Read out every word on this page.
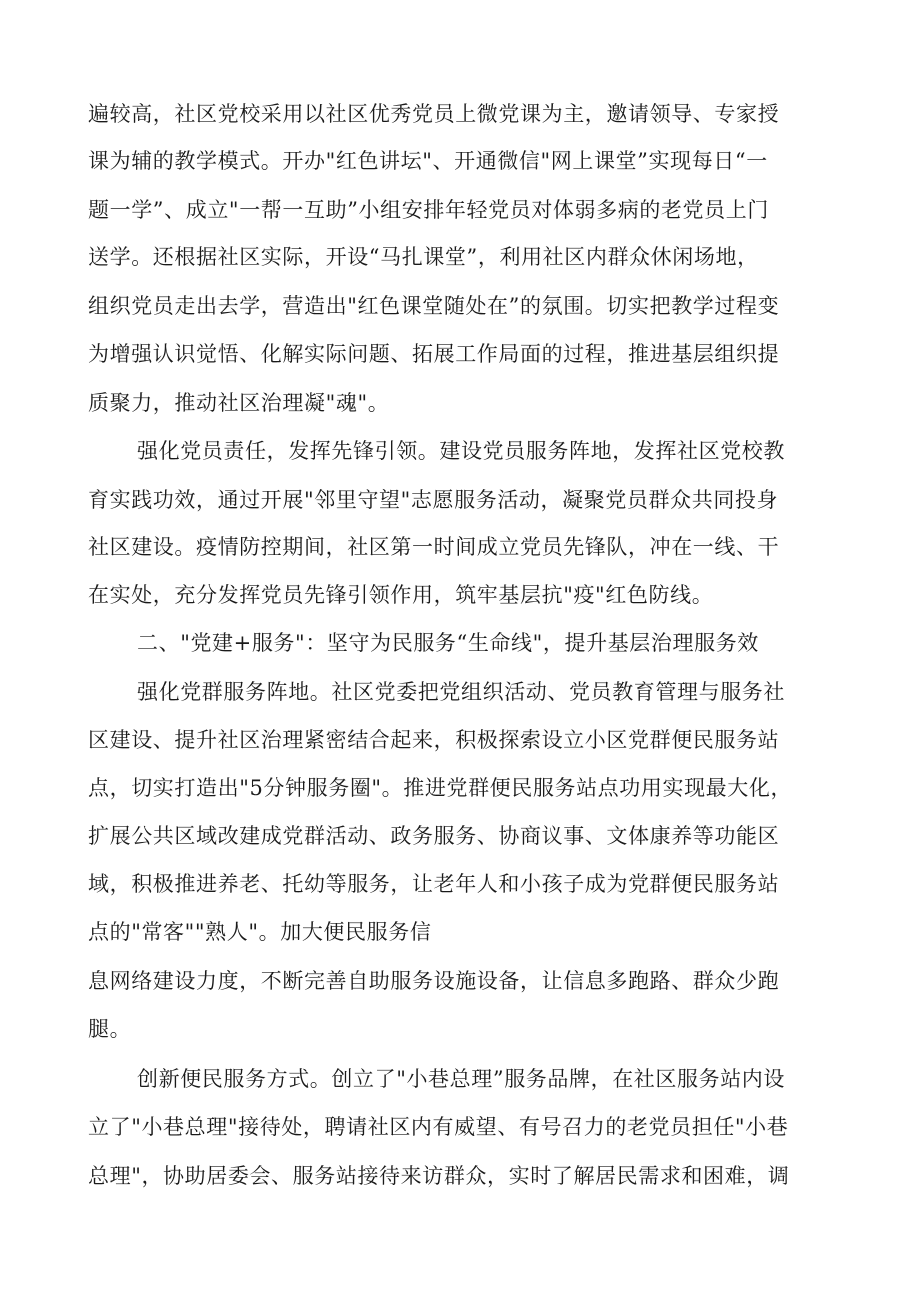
遍较高，社区党校采用以社区优秀党员上微党课为主，邀请领导、专家授
课为辅的教学模式。开办"红色讲坛"、开通微信"网上课堂”实现每日“一
题一学”、成立"一帮一互助”小组安排年轻党员对体弱多病的老党员上门
送学。还根据社区实际，开设“马扎课堂”，利用社区内群众休闲场地，
组织党员走出去学，营造出"红色课堂随处在”的氛围。切实把教学过程变
为增强认识觉悟、化解实际问题、拓展工作局面的过程，推进基层组织提
质聚力，推动社区治理凝"魂"。
强化党员责任，发挥先锋引领。建设党员服务阵地，发挥社区党校教
育实践功效，通过开展"邻里守望"志愿服务活动，凝聚党员群众共同投身
社区建设。疫情防控期间，社区第一时间成立党员先锋队，冲在一线、干
在实处，充分发挥党员先锋引领作用，筑牢基层抗"疫"红色防线。
二、"党建+服务"：坚守为民服务“生命线"，提升基层治理服务效
强化党群服务阵地。社区党委把党组织活动、党员教育管理与服务社
区建设、提升社区治理紧密结合起来，积极探索设立小区党群便民服务站
点，切实打造出"5分钟服务圈"。推进党群便民服务站点功用实现最大化，
扩展公共区域改建成党群活动、政务服务、协商议事、文体康养等功能区
域，积极推进养老、托幼等服务，让老年人和小孩子成为党群便民服务站
点的"常客""熟人"。加大便民服务信
息网络建设力度，不断完善自助服务设施设备，让信息多跑路、群众少跑
腿。
创新便民服务方式。创立了"小巷总理”服务品牌，在社区服务站内设
立了"小巷总理"接待处，聘请社区内有威望、有号召力的老党员担任"小巷
总理"，协助居委会、服务站接待来访群众，实时了解居民需求和困难，调
